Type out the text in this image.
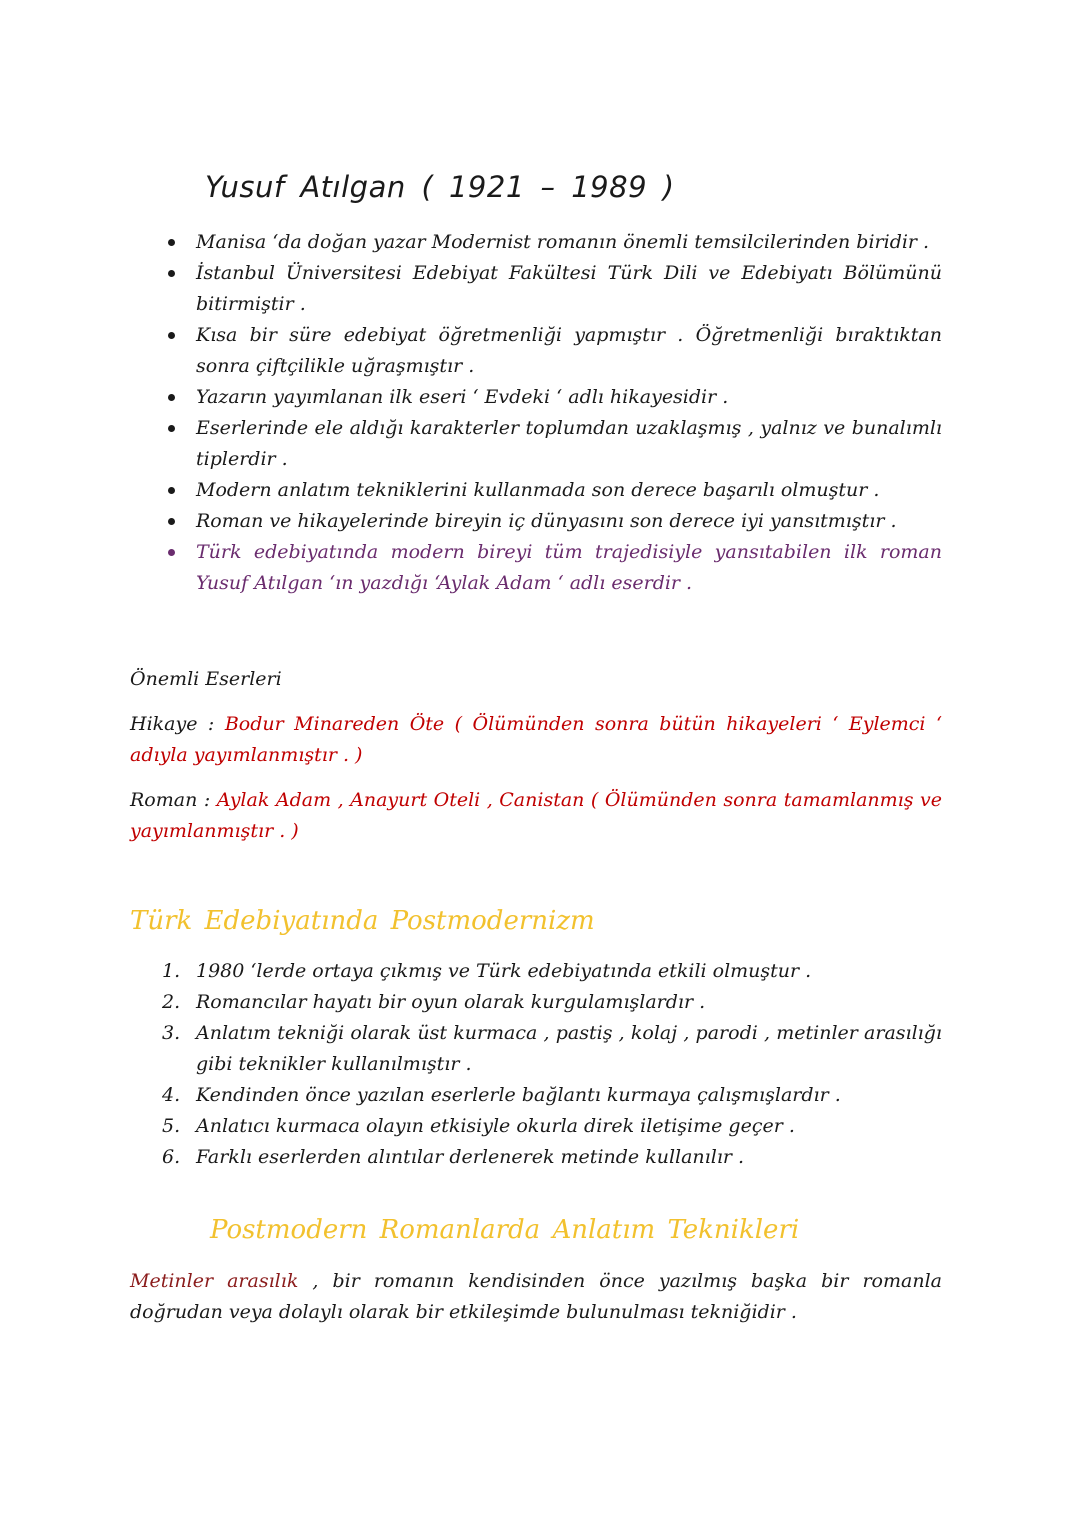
Yusuf Atılgan ( 1921 – 1989 )
Manisa ‘da doğan yazar Modernist romanın önemli temsilcilerinden biridir .
İstanbul Üniversitesi Edebiyat Fakültesi Türk Dili ve Edebiyatı Bölümünü bitirmiştir .
Kısa bir süre edebiyat öğretmenliği yapmıştır . Öğretmenliği bıraktıktan sonra çiftçilikle uğraşmıştır .
Yazarın yayımlanan ilk eseri ‘ Evdeki ‘ adlı hikayesidir .
Eserlerinde ele aldığı karakterler toplumdan uzaklaşmış , yalnız ve bunalımlı tiplerdir .
Modern anlatım tekniklerini kullanmada son derece başarılı olmuştur .
Roman ve hikayelerinde bireyin iç dünyasını son derece iyi yansıtmıştır .
Türk edebiyatında modern bireyi tüm trajedisiyle yansıtabilen ilk roman Yusuf Atılgan ‘ın yazdığı ‘Aylak Adam ‘ adlı eserdir .
Önemli Eserleri
Hikaye : Bodur Minareden Öte ( Ölümünden sonra bütün hikayeleri ‘ Eylemci ‘ adıyla yayımlanmıştır . )
Roman : Aylak Adam , Anayurt Oteli , Canistan ( Ölümünden sonra tamamlanmış ve yayımlanmıştır . )
Türk Edebiyatında Postmodernizm
1. 1980 ‘lerde ortaya çıkmış ve Türk edebiyatında etkili olmuştur .
2. Romancılar hayatı bir oyun olarak kurgulamışlardır .
3. Anlatım tekniği olarak üst kurmaca , pastiş , kolaj , parodi , metinler arasılığı gibi teknikler kullanılmıştır .
4. Kendinden önce yazılan eserlerle bağlantı kurmaya çalışmışlardır .
5. Anlatıcı kurmaca olayın etkisiyle okurla direk iletişime geçer .
6. Farklı eserlerden alıntılar derlenerek metinde kullanılır .
Postmodern Romanlarda Anlatım Teknikleri
Metinler arasılık , bir romanın kendisinden önce yazılmış başka bir romanla doğrudan veya dolaylı olarak bir etkileşimde bulunulması tekniğidir .
